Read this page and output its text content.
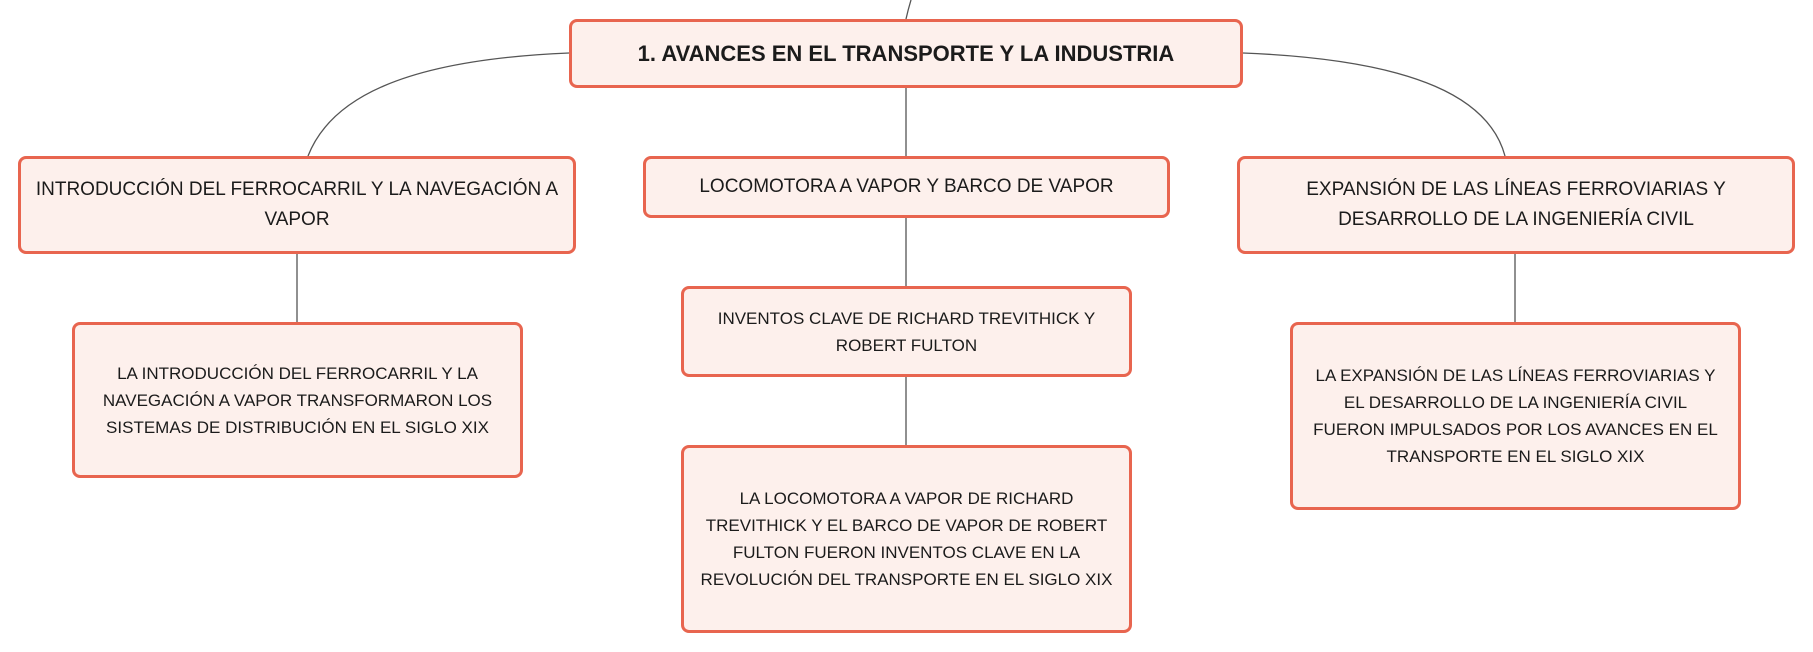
1. AVANCES EN EL TRANSPORTE Y LA INDUSTRIA
INTRODUCCIÓN DEL FERROCARRIL Y LA NAVEGACIÓN A VAPOR
LOCOMOTORA A VAPOR Y BARCO DE VAPOR	EXPANSIÓN DE LAS LÍNEAS FERROVIARIAS Y DESARROLLO DE LA INGENIERÍA CIVIL
LA INTRODUCCIÓN DEL FERROCARRIL Y LA NAVEGACIÓN A VAPOR TRANSFORMARON LOS SISTEMAS DE DISTRIBUCIÓN EN EL SIGLO XIX
INVENTOS CLAVE DE RICHARD TREVITHICK Y ROBERT FULTON
LA LOCOMOTORA A VAPOR DE RICHARD TREVITHICK Y EL BARCO DE VAPOR DE ROBERT FULTON FUERON INVENTOS CLAVE EN LA REVOLUCIÓN DEL TRANSPORTE EN EL SIGLO XIX
LA EXPANSIÓN DE LAS LÍNEAS FERROVIARIAS Y EL DESARROLLO DE LA INGENIERÍA CIVIL FUERON IMPULSADOS POR LOS AVANCES EN EL TRANSPORTE EN EL SIGLO XIX
